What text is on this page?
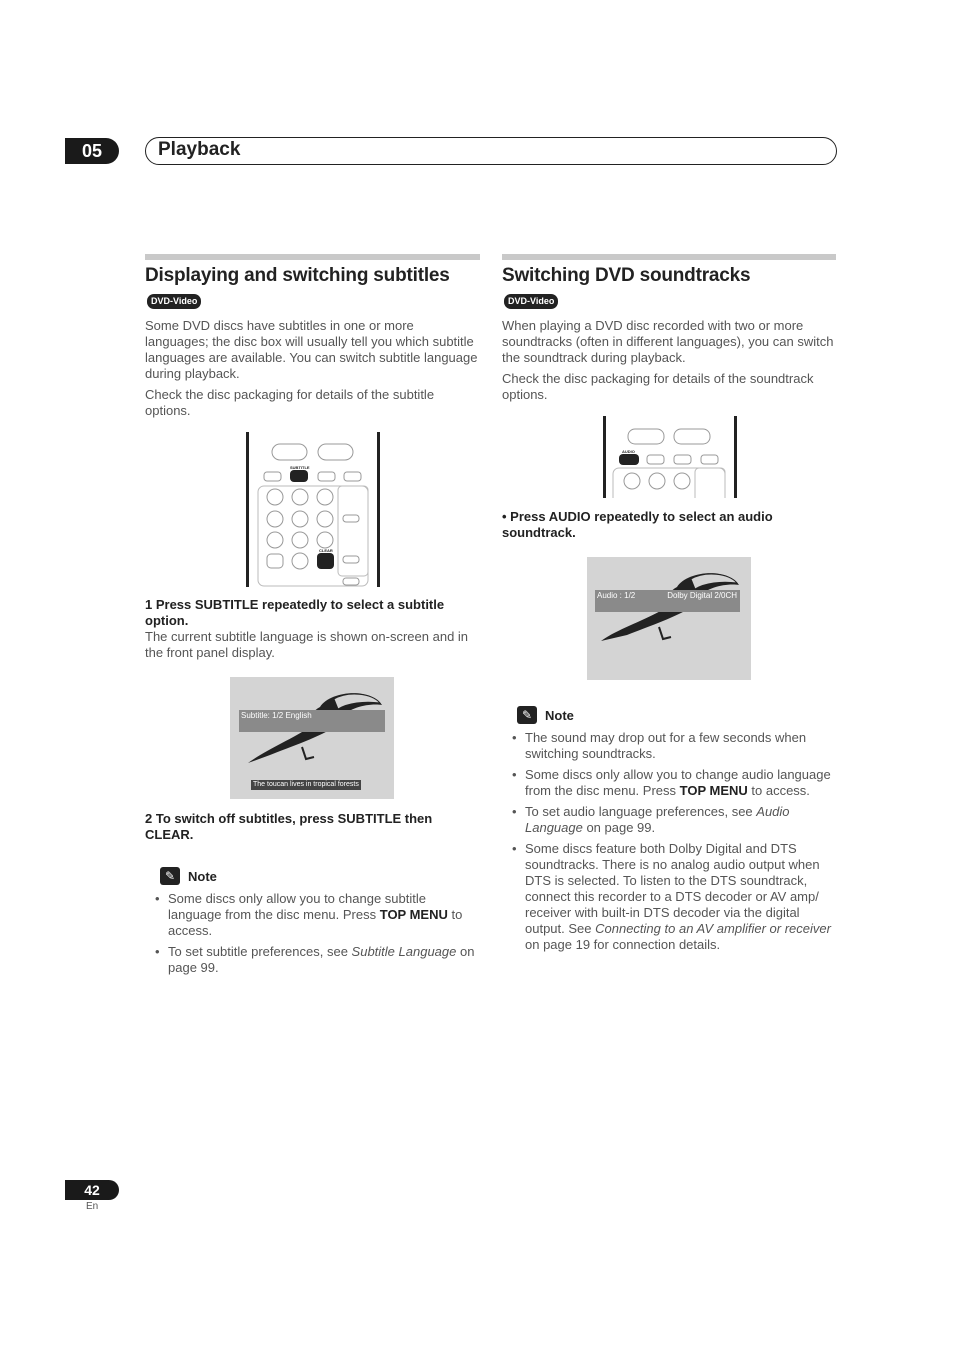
05	Playback
Displaying and switching subtitles
DVD-Video

Some DVD discs have subtitles in one or more languages; the disc box will usually tell you which subtitle languages are available. You can switch subtitle language during playback.

Check the disc packaging for details of the subtitle options.

SUBTITLE
CLEAR

1 Press SUBTITLE repeatedly to select a subtitle option.

The current subtitle language is shown on-screen and in the front panel display.

Subtitle: 1/2 English
The toucan lives in tropical forests

2 To switch off subtitles, press SUBTITLE then CLEAR.

✎ Note
• Some discs only allow you to change subtitle language from the disc menu. Press TOP MENU to access.
• To set subtitle preferences, see Subtitle Language on page 99.
Switching DVD soundtracks
DVD-Video

When playing a DVD disc recorded with two or more soundtracks (often in different languages), you can switch the soundtrack during playback.

Check the disc packaging for details of the soundtrack options.

AUDIO

• Press AUDIO repeatedly to select an audio soundtrack.

Audio : 1/2	Dolby Digital 2/0CH
✎ Note
• The sound may drop out for a few seconds when switching soundtracks.
• Some discs only allow you to change audio language from the disc menu. Press TOP MENU to access.
• To set audio language preferences, see Audio Language on page 99.
• Some discs feature both Dolby Digital and DTS soundtracks. There is no analog audio output when DTS is selected. To listen to the DTS soundtrack, connect this recorder to a DTS decoder or AV amp/ receiver with built-in DTS decoder via the digital output. See Connecting to an AV amplifier or receiver on page 19 for connection details.
42
En
